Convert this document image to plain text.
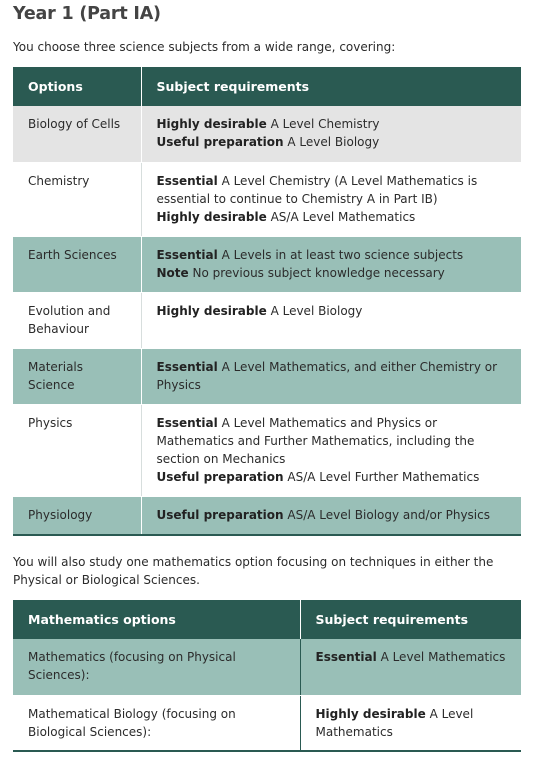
Year 1 (Part IA)

You choose three science subjects from a wide range, covering:

Options	Subject requirements
Biology of Cells	Highly desirable A Level Chemistry
Useful preparation A Level Biology

Chemistry	Essential A Level Chemistry (A Level Mathematics is essential to continue to Chemistry A in Part IB)
Highly desirable AS/A Level Mathematics

Earth Sciences	Essential A Levels in at least two science subjects
Note No previous subject knowledge necessary

Evolution and Behaviour	Highly desirable A Level Biology

Materials Science	Essential A Level Mathematics, and either Chemistry or Physics

Physics	Essential A Level Mathematics and Physics or Mathematics and Further Mathematics, including the section on Mechanics
Useful preparation AS/A Level Further Mathematics

Physiology	Useful preparation AS/A Level Biology and/or Physics

You will also study one mathematics option focusing on techniques in either the Physical or Biological Sciences.

Mathematics options	Subject requirements
Mathematics (focusing on Physical Sciences):	Essential A Level Mathematics

Mathematical Biology (focusing on Biological Sciences):	Highly desirable A Level Mathematics
